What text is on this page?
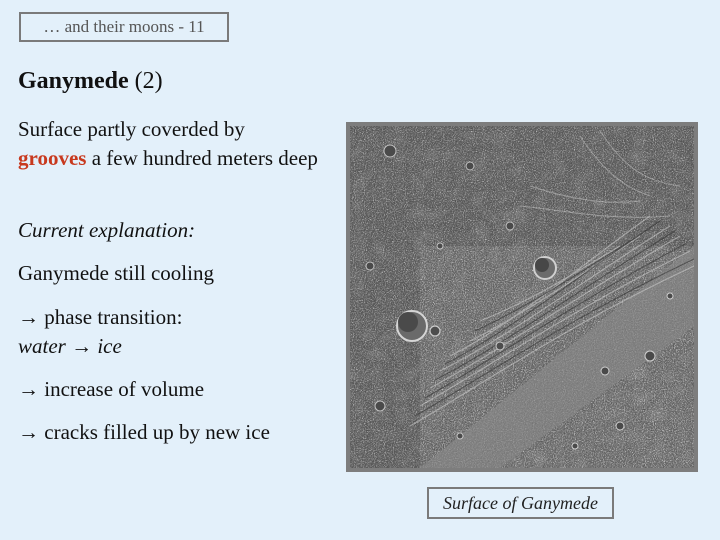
… and their moons - 11
Ganymede (2)

Surface partly coverded by
grooves a few hundred meters deep

Current explanation:

Ganymede still cooling

→ phase transition:
water → ice

→ increase of volume

→ cracks filled up by new ice

Surface of Ganymede
